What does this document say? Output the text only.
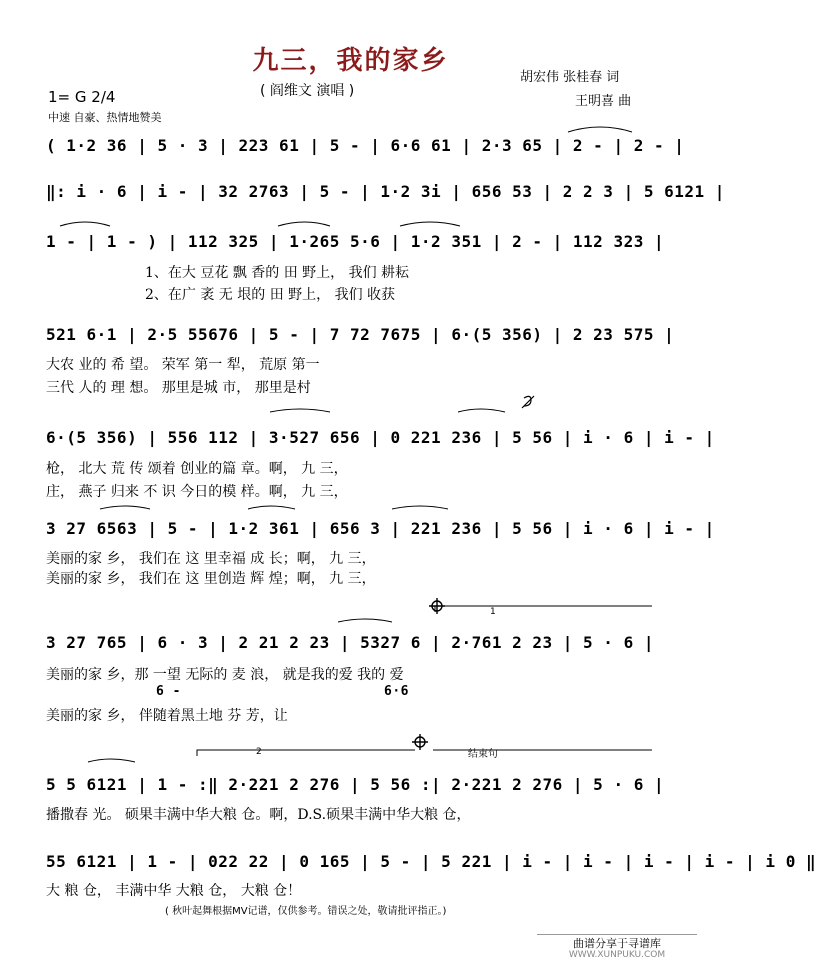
九三，我的家乡
( 阎维文 演唱 )
胡宏伟 张桂春 词
王明喜 曲
1= G 2/4
中速 自豪、热情地赞美
( 1·2 36 | 5 · 3 | 223 61 | 5 - | 6·6 61 | 2·3 65 | 2 - | 2 - |
‖: i · 6 | i - | 32 2763 | 5 - | 1·2 3i | 656 53 | 2 2 3 | 5 6121 |
1 - | 1 - ) | 112 325 | 1·265 5·6 | 1·2 351 | 2 - | 112 323 |
1、在大 豆花 飘 香的 田 野上， 我们 耕耘
2、在广 袤 无 垠的 田 野上， 我们 收获
521 6·1 | 2·5 55676 | 5 - | 7 72 7675 | 6·(5 356) | 2 23 575 |
大农 业的 希 望。 荣军 第一 犁， 荒原 第一
三代 人的 理 想。 那里是城 市， 那里是村
6·(5 356) | 556 112 | 3·527 656 | 0 221 236 | 5 56 | i · 6 | i - |
枪， 北大 荒 传 颂着 创业的篇 章。啊， 九 三，
庄， 燕子 归来 不 识 今日的模 样。啊， 九 三，
3 27 6563 | 5 - | 1·2 361 | 656 3 | 221 236 | 5 56 | i · 6 | i - |
美丽的家 乡， 我们在 这 里幸福 成 长；啊， 九 三，
美丽的家 乡， 我们在 这 里创造 辉 煌；啊， 九 三，
3 27 765 | 6 · 3 | 2 21 2 23 | 5327 6 | 2·761 2 23 | 5 · 6 |
美丽的家 乡，那 一望 无际的 麦 浪， 就是我的爱 我的 爱
6 -	6·6
美丽的家 乡， 伴随着黑土地 芬 芳，让
5 5 6121 | 1 - :‖ 2·221 2 276 | 5 56 :| 2·221 2 276 | 5 · 6 |
播撒春 光。 硕果丰满中华大粮 仓。啊，D.S.硕果丰满中华大粮 仓，
55 6121 | 1 - | 022 22 | 0 165 | 5 - | 5 221 | i - | i - | i - | i - | i 0 ‖
大 粮 仓， 丰满中华 大粮 仓， 大粮 仓！
1
2	结束句
( 秋叶起舞根据MV记谱，仅供参考。错误之处，敬请批评指正。)
曲谱分享于寻谱库
WWW.XUNPUKU.COM
